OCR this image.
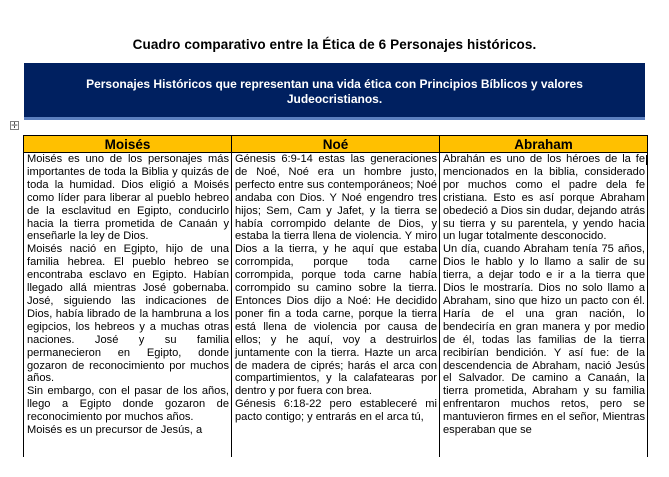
Cuadro comparativo entre la Ética de 6 Personajes históricos.
Personajes Históricos que representan una vida ética con Principios Bíblicos y valores
Judeocristianos.
✛
Moisés	Noé	Abraham

Moisés es uno de los personajes más importantes de toda la Biblia y quizás de toda la humidad. Dios eligió a Moisés como líder para liberar al pueblo hebreo de la esclavitud en Egipto, conducirlo hacia la tierra prometida de Canaán y enseñarle la ley de Dios.

Moisés nació en Egipto, hijo de una familia hebrea. El pueblo hebreo se encontraba esclavo en Egipto. Habían llegado allá mientras José gobernaba. José, siguiendo las indicaciones de Dios, había librado de la hambruna a los egipcios, los hebreos y a muchas otras naciones. José y su familia permanecieron en Egipto, donde gozaron de reconocimiento por muchos años.

Sin embargo, con el pasar de los años, llego a Egipto donde gozaron de reconocimiento por muchos años.

Moisés es un precursor de Jesús, a

Génesis 6:9-14 estas las generaciones de Noé, Noé era un hombre justo, perfecto entre sus contemporáneos; Noé andaba con Dios. Y Noé engendro tres hijos; Sem, Cam y Jafet, y la tierra se había corrompido delante de Dios, y estaba la tierra llena de violencia. Y miro Dios a la tierra, y he aquí que estaba corrompida, porque toda carne corrompida, porque toda carne había corrompido su camino sobre la tierra. Entonces Dios dijo a Noé: He decidido poner fin a toda carne, porque la tierra está llena de violencia por causa de ellos; y he aquí, voy a destruirlos juntamente con la tierra. Hazte un arca de madera de ciprés; harás el arca con compartimientos, y la calafatearas por dentro y por fuera con brea.

Génesis 6:18-22 pero estableceré mi pacto contigo; y entrarás en el arca tú,

Abrahán es uno de los héroes de la fe mencionados en la biblia, considerado por muchos como el padre dela fe cristiana. Esto es así porque Abraham obedeció a Dios sin dudar, dejando atrás su tierra y su parentela, y yendo hacia un lugar totalmente desconocido.

Un día, cuando Abraham tenía 75 años, Dios le hablo y lo llamo a salir de su tierra, a dejar todo e ir a la tierra que Dios le mostraría. Dios no solo llamo a Abraham, sino que hizo un pacto con él. Haría de el una gran nación, lo bendeciría en gran manera y por medio de él, todas las familias de la tierra recibirían bendición. Y así fue: de la descendencia de Abraham, nació Jesús el Salvador. De camino a Canaán, la tierra prometida, Abraham y su familia enfrentaron muchos retos, pero se mantuvieron firmes en el señor, Mientras esperaban que se
